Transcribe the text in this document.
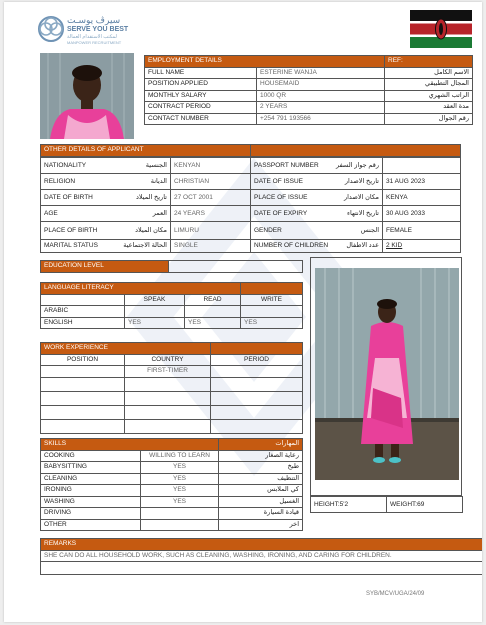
سيرڤ يوسـت
SERVE YOU BEST
لمكتب الاستقدام العمالة
MANPOWER RECRUITMENT
EMPLOYMENT DETAILS		REF:
FULL NAME	ESTERINE WANJA	الاسم الكامل
POSITION APPLIED	HOUSEMAID	المجال التطبيقي
MONTHLY SALARY	1000 QR	الراتب الشهري
CONTRACT PERIOD	2 YEARS	مدة العقد
CONTACT NUMBER	+254 791 193566	رقم الجوال
OTHER DETAILS OF APPLICANT	
NATIONALITY الجنسية	KENYAN	PASSPORT NUMBER رقم جواز السفر	

RELIGION الديانة	CHRISTIAN	DATE OF ISSUE تاريخ الاصدار	31 AUG 2023
DATE OF BIRTH تاريخ الميلاد	27 OCT 2001	PLACE OF ISSUE مكان الاصدار	KENYA
AGE العمر	24 YEARS	DATE OF EXPIRY تاريخ الانتهاء	30 AUG 2033
PLACE OF BIRTH مكان الميلاد	LIMURU	GENDER الجنس	FEMALE
MARITAL STATUS الحالة الاجتماعية	SINGLE	NUMBER OF CHILDREN عدد الاطفال	2 KID
EDUCATION LEVEL	
LANGUAGE LITERACY			
	SPEAK	READ	WRITE
ARABIC			
ENGLISH	YES	YES	YES
WORK EXPERIENCE		
POSITION	COUNTRY	PERIOD
	FIRST-TIMER	

SKILLS		المهارات
COOKING	WILLING TO LEARN	رعاية الصغار
BABYSITTING	YES	طبخ
CLEANING	YES	التنظيف
IRONING	YES	كي الملابس
WASHING	YES	الغسيل
DRIVING		قيادة السيارة
OTHER		اخر
HEIGHT:5'2	WEIGHT:69
REMARKS
SHE CAN DO ALL HOUSEHOLD WORK, SUCH AS CLEANING, WASHING, IRONING, AND CARING FOR CHILDREN.

SYB/MCV/UGA/24/09
